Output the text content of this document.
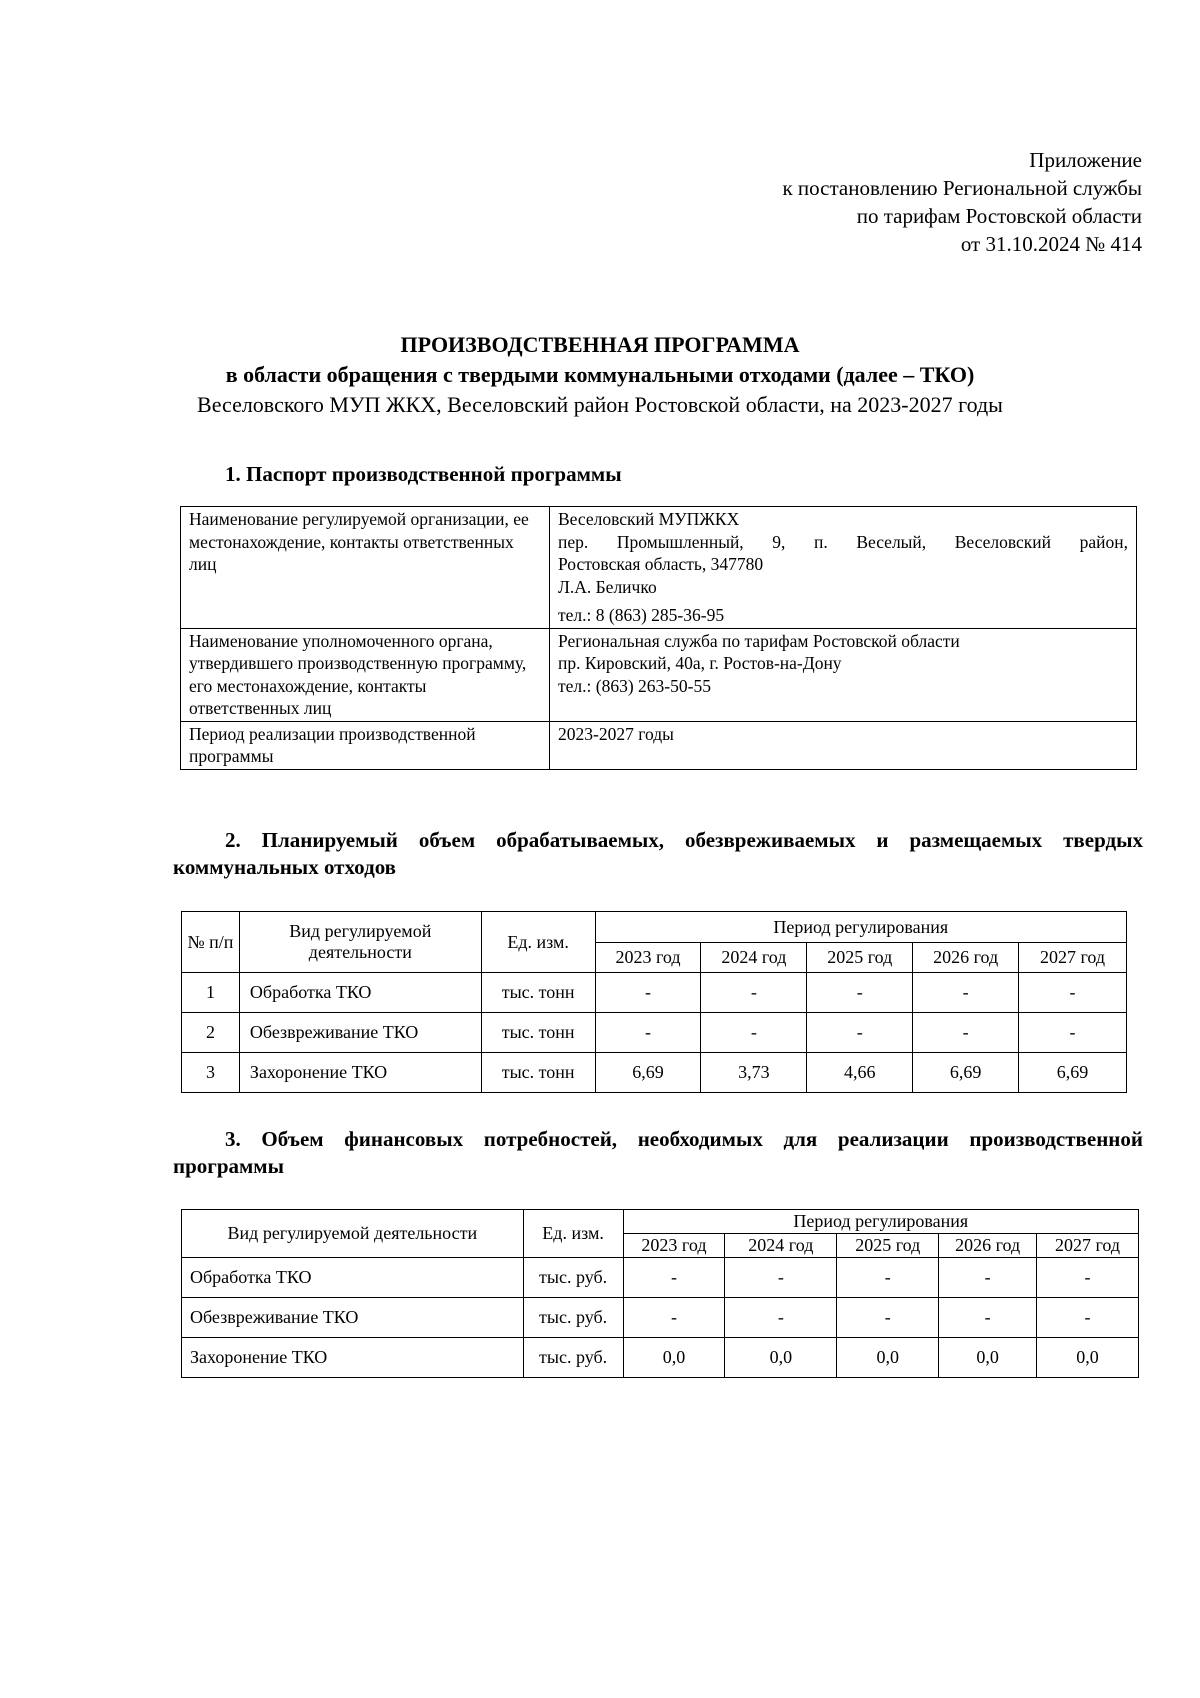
Приложение
к постановлению Региональной службы
по тарифам Ростовской области
от 31.10.2024 № 414
ПРОИЗВОДСТВЕННАЯ ПРОГРАММА
в области обращения с твердыми коммунальными отходами (далее – ТКО)
Веселовского МУП ЖКХ, Веселовский район Ростовской области, на 2023-2027 годы
1. Паспорт производственной программы
Наименование регулируемой организации, ее местонахождение, контакты ответственных лиц	Веселовский МУПЖКХ
пер. Промышленный, 9, п. Веселый, Веселовский район,
Ростовская область, 347780
Л.А. Беличко
тел.: 8 (863) 285-36-95

Наименование уполномоченного органа, утвердившего производственную программу, его местонахождение, контакты ответственных лиц	Региональная служба по тарифам Ростовской области
пр. Кировский, 40а, г. Ростов-на-Дону
тел.: (863) 263-50-55

Период реализации производственной программы	2023-2027 годы
2. Планируемый объем обрабатываемых, обезвреживаемых и размещаемых твердых коммунальных отходов
№ п/п	Вид регулируемой деятельности	Ед. изм.	Период регулирования				
			2023 год	2024 год	2025 год	2026 год	2027 год
1	Обработка ТКО	тыс. тонн	-	-	-	-	-
2	Обезвреживание ТКО	тыс. тонн	-	-	-	-	-
3	Захоронение ТКО	тыс. тонн	6,69	3,73	4,66	6,69	6,69
3. Объем финансовых потребностей, необходимых для реализации производственной программы
Вид регулируемой деятельности	Ед. изм.	Период регулирования				
		2023 год	2024 год	2025 год	2026 год	2027 год
Обработка ТКО	тыс. руб.	-	-	-	-	-
Обезвреживание ТКО	тыс. руб.	-	-	-	-	-
Захоронение ТКО	тыс. руб.	0,0	0,0	0,0	0,0	0,0
